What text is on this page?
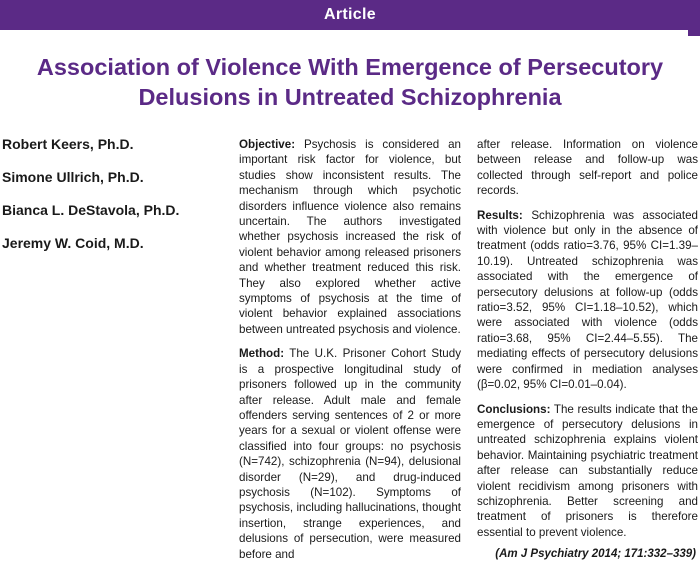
Article
Association of Violence With Emergence of Persecutory
Delusions in Untreated Schizophrenia
Robert Keers, Ph.D.
Simone Ullrich, Ph.D.
Bianca L. DeStavola, Ph.D.
Jeremy W. Coid, M.D.

Objective: Psychosis is considered an important risk factor for violence, but studies show inconsistent results. The mechanism through which psychotic disorders influence violence also remains uncertain. The authors investigated whether psychosis increased the risk of violent behavior among released prisoners and whether treatment reduced this risk. They also explored whether active symptoms of psychosis at the time of violent behavior explained associations between untreated psychosis and violence.

Method: The U.K. Prisoner Cohort Study is a prospective longitudinal study of prisoners followed up in the community after release. Adult male and female offenders serving sentences of 2 or more years for a sexual or violent offense were classified into four groups: no psychosis (N=742), schizophrenia (N=94), delusional disorder (N=29), and drug-induced psychosis (N=102). Symptoms of psychosis, including hallucinations, thought insertion, strange experiences, and delusions of persecution, were measured before and

after release. Information on violence between release and follow-up was collected through self-report and police records.

Results: Schizophrenia was associated with violence but only in the absence of treatment (odds ratio=3.76, 95% CI=1.39–10.19). Untreated schizophrenia was associated with the emergence of persecutory delusions at follow-up (odds ratio=3.52, 95% CI=1.18–10.52), which were associated with violence (odds ratio=3.68, 95% CI=2.44–5.55). The mediating effects of persecutory delusions were confirmed in mediation analyses (β=0.02, 95% CI=0.01–0.04).

Conclusions: The results indicate that the emergence of persecutory delusions in untreated schizophrenia explains violent behavior. Maintaining psychiatric treatment after release can substantially reduce violent recidivism among prisoners with schizophrenia. Better screening and treatment of prisoners is therefore essential to prevent violence.

(Am J Psychiatry 2014; 171:332–339)
